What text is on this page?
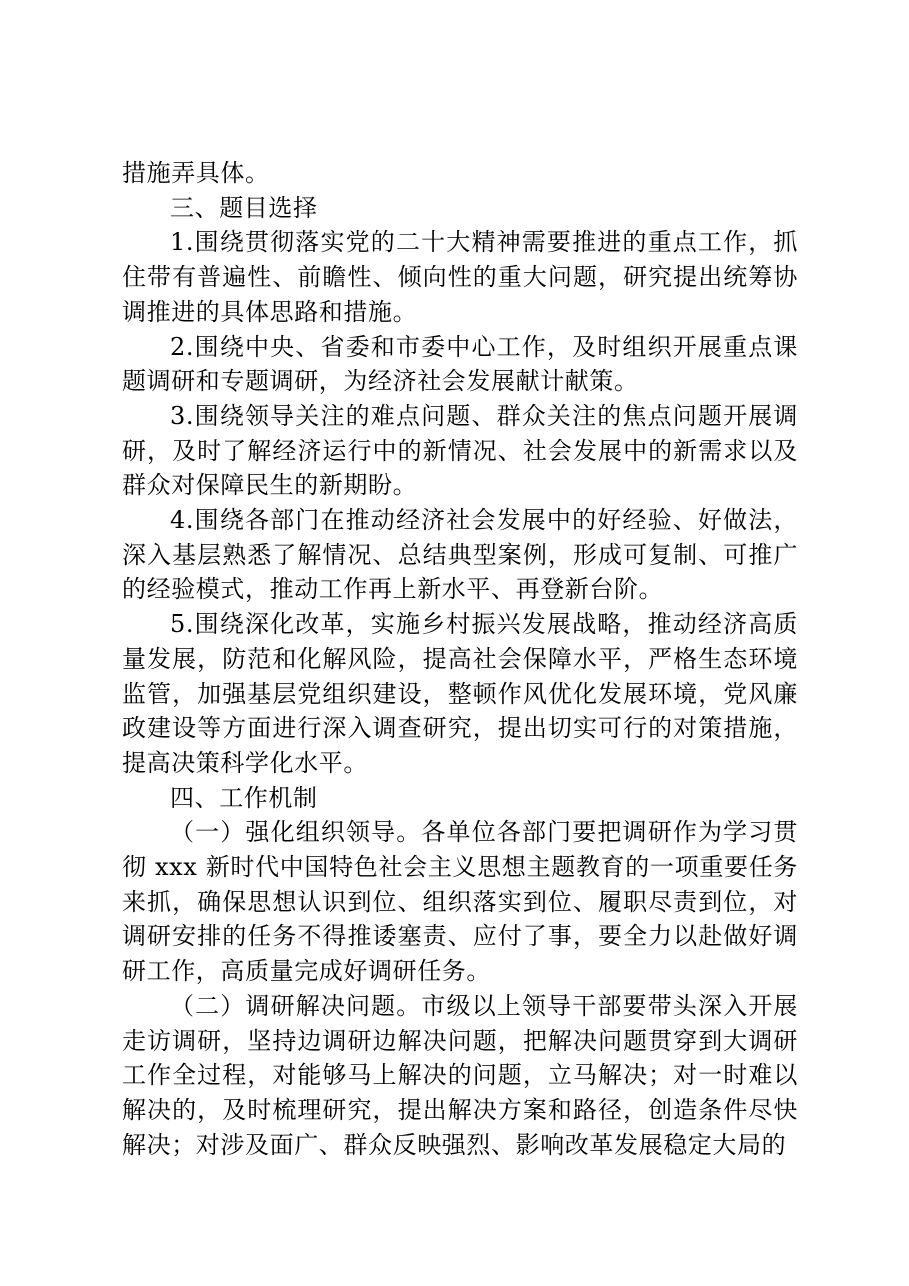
措施弄具体。

三、题目选择

1.围绕贯彻落实党的二十大精神需要推进的重点工作，抓住带有普遍性、前瞻性、倾向性的重大问题，研究提出统筹协调推进的具体思路和措施。

2.围绕中央、省委和市委中心工作，及时组织开展重点课题调研和专题调研，为经济社会发展献计献策。

3.围绕领导关注的难点问题、群众关注的焦点问题开展调研，及时了解经济运行中的新情况、社会发展中的新需求以及群众对保障民生的新期盼。

4.围绕各部门在推动经济社会发展中的好经验、好做法，深入基层熟悉了解情况、总结典型案例，形成可复制、可推广的经验模式，推动工作再上新水平、再登新台阶。

5.围绕深化改革，实施乡村振兴发展战略，推动经济高质量发展，防范和化解风险，提高社会保障水平，严格生态环境监管，加强基层党组织建设，整顿作风优化发展环境，党风廉政建设等方面进行深入调查研究，提出切实可行的对策措施，提高决策科学化水平。

四、工作机制

（一）强化组织领导。各单位各部门要把调研作为学习贯彻 xxx 新时代中国特色社会主义思想主题教育的一项重要任务来抓，确保思想认识到位、组织落实到位、履职尽责到位，对调研安排的任务不得推诿塞责、应付了事，要全力以赴做好调研工作，高质量完成好调研任务。

（二）调研解决问题。市级以上领导干部要带头深入开展走访调研，坚持边调研边解决问题，把解决问题贯穿到大调研工作全过程，对能够马上解决的问题，立马解决；对一时难以解决的，及时梳理研究，提出解决方案和路径，创造条件尽快解决；对涉及面广、群众反映强烈、影响改革发展稳定大局的
